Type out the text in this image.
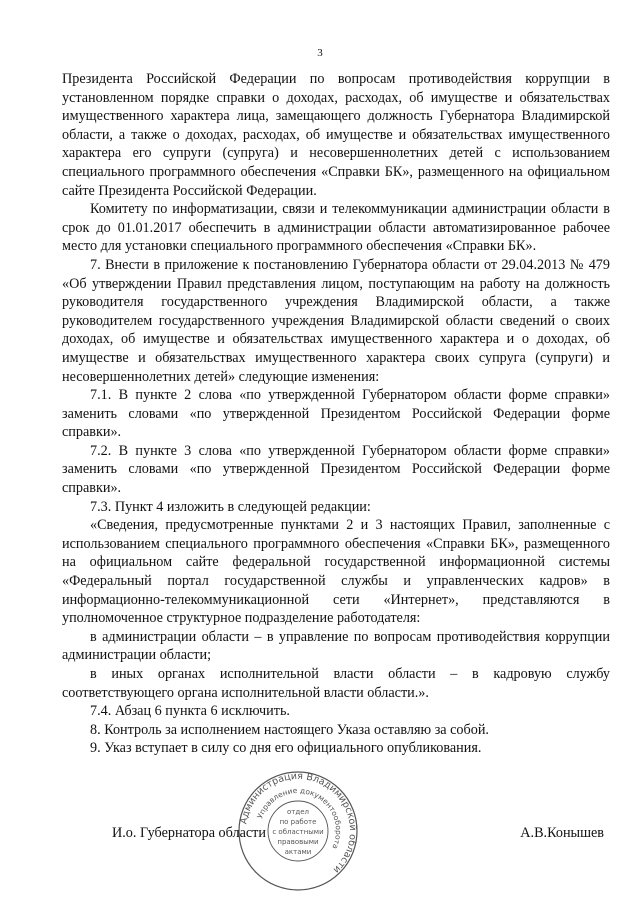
3

Президента Российской Федерации по вопросам противодействия коррупции в установленном порядке справки о доходах, расходах, об имуществе и обязательствах имущественного характера лица, замещающего должность Губернатора Владимирской области, а также о доходах, расходах, об имуществе и обязательствах имущественного характера его супруги (супруга) и несовершеннолетних детей с использованием специального программного обеспечения «Справки БК», размещенного на официальном сайте Президента Российской Федерации.

Комитету по информатизации, связи и телекоммуникации администрации области в срок до 01.01.2017 обеспечить в администрации области автоматизированное рабочее место для установки специального программного обеспечения «Справки БК».

7. Внести в приложение к постановлению Губернатора области от 29.04.2013 № 479 «Об утверждении Правил представления лицом, поступающим на работу на должность руководителя государственного учреждения Владимирской области, а также руководителем государственного учреждения Владимирской области сведений о своих доходах, об имуществе и обязательствах имущественного характера и о доходах, об имуществе и обязательствах имущественного характера своих супруга (супруги) и несовершеннолетних детей» следующие изменения:

7.1. В пункте 2 слова «по утвержденной Губернатором области форме справки» заменить словами «по утвержденной Президентом Российской Федерации форме справки».

7.2. В пункте 3 слова «по утвержденной Губернатором области форме справки» заменить словами «по утвержденной Президентом Российской Федерации форме справки».

7.3. Пункт 4 изложить в следующей редакции:

«Сведения, предусмотренные пунктами 2 и 3 настоящих Правил, заполненные с использованием специального программного обеспечения «Справки БК», размещенного на официальном сайте федеральной государственной информационной системы «Федеральный портал государственной службы и управленческих кадров» в информационно-телекоммуникационной сети «Интернет», представляются в уполномоченное структурное подразделение работодателя:

в администрации области – в управление по вопросам противодействия коррупции администрации области;

в иных органах исполнительной власти области – в кадровую службу соответствующего органа исполнительной власти области.».

7.4. Абзац 6 пункта 6 исключить.

8. Контроль за исполнением настоящего Указа оставляю за собой.

9. Указ вступает в силу со дня его официального опубликования.

И.о. Губернатора области	А.В.Конышев
Администрация Владимирской области
Управление документооборота
отдел
по работе
с областными
правовыми
актами
